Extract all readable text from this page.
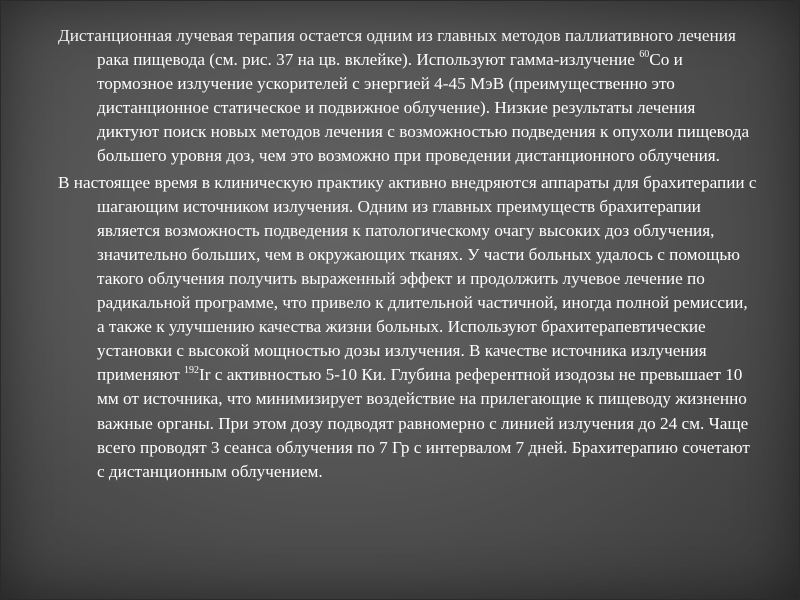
Дистанционная лучевая терапия остается одним из главных методов паллиативного лечения рака пищевода (см. рис. 37 на цв. вклейке). Используют гамма-излучение $^{60}$Co и тормозное излучение ускорителей с энергией 4-45 МэВ (преимущественно это дистанционное статическое и подвижное облучение). Низкие результаты лечения диктуют поиск новых методов лечения с возможностью подведения к опухоли пищевода большего уровня доз, чем это возможно при проведении дистанционного облучения.

В настоящее время в клиническую практику активно внедряются аппараты для брахитерапии с шагающим источником излучения. Одним из главных преимуществ брахитерапии является возможность подведения к патологическому очагу высоких доз облучения, значительно больших, чем в окружающих тканях. У части больных удалось с помощью такого облучения получить выраженный эффект и продолжить лучевое лечение по радикальной программе, что привело к длительной частичной, иногда полной ремиссии, а также к улучшению качества жизни больных. Используют брахитерапевтические установки с высокой мощностью дозы излучения. В качестве источника излучения применяют $^{192}$Ir с активностью 5-10 Ки. Глубина референтной изодозы не превышает 10 мм от источника, что минимизирует воздействие на прилегающие к пищеводу жизненно важные органы. При этом дозу подводят равномерно с линией излучения до 24 см. Чаще всего проводят 3 сеанса облучения по 7 Гр с интервалом 7 дней. Брахитерапию сочетают с дистанционным облучением.
